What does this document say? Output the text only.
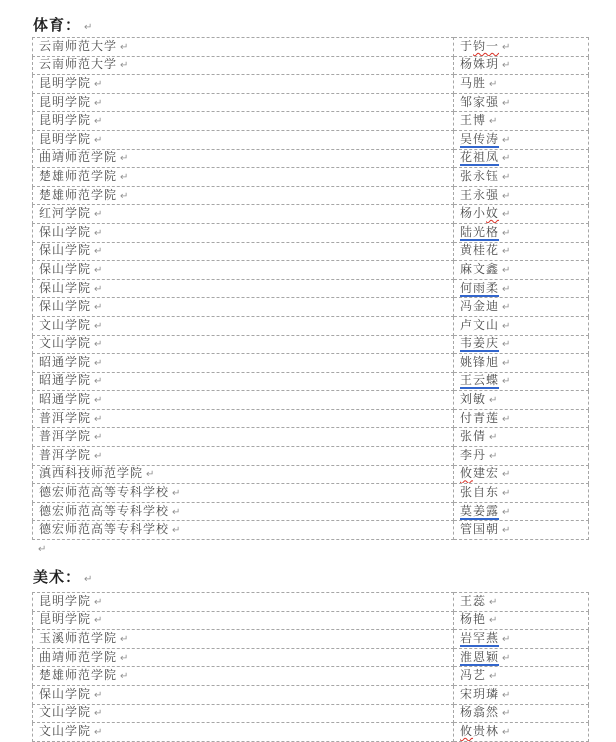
体育： ↵
云南师范大学 ↵	于钧一 ↵
云南师范大学 ↵	杨姝玥 ↵
昆明学院 ↵	马胜 ↵
昆明学院 ↵	邹家强 ↵
昆明学院 ↵	王博 ↵
昆明学院 ↵	吴传涛 ↵
曲靖师范学院 ↵	花祖凤 ↵
楚雄师范学院 ↵	张永钰 ↵
楚雄师范学院 ↵	王永强 ↵
红河学院 ↵	杨小妏 ↵
保山学院 ↵	陆光格 ↵
保山学院 ↵	黄桂花 ↵
保山学院 ↵	麻文鑫 ↵
保山学院 ↵	何雨柔 ↵
保山学院 ↵	冯金迪 ↵
文山学院 ↵	卢文山 ↵
文山学院 ↵	韦姜庆 ↵
昭通学院 ↵	姚锋旭 ↵
昭通学院 ↵	王云蝶 ↵
昭通学院 ↵	刘敏 ↵
普洱学院 ↵	付青莲 ↵
普洱学院 ↵	张倩 ↵
普洱学院 ↵	李丹 ↵
滇西科技师范学院 ↵	攸建宏 ↵
德宏师范高等专科学校 ↵	张自东 ↵
德宏师范高等专科学校 ↵	莫姜露 ↵
德宏师范高等专科学校 ↵	管国朝 ↵
↵
美术： ↵
昆明学院 ↵	王蕊 ↵
昆明学院 ↵	杨艳 ↵
玉溪师范学院 ↵	岩罕燕 ↵
曲靖师范学院 ↵	淮恩颖 ↵
楚雄师范学院 ↵	冯艺 ↵
保山学院 ↵	宋玥璘 ↵
文山学院 ↵	杨翕然 ↵
文山学院 ↵	攸贵林 ↵
